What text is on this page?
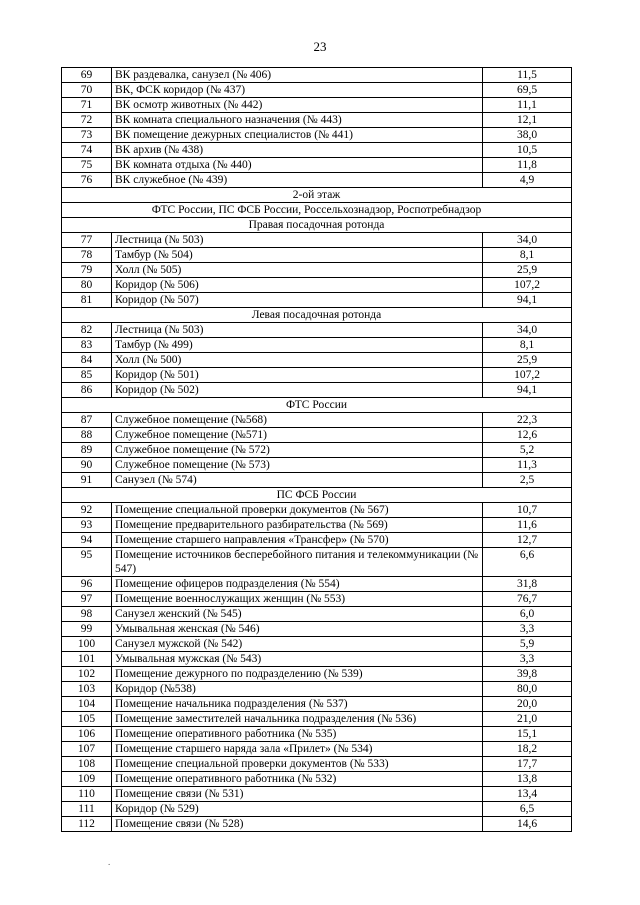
23
69	ВК раздевалка, санузел (№ 406)	11,5
70	ВК, ФСК коридор (№ 437)	69,5
71	ВК осмотр животных (№ 442)	11,1
72	ВК комната специального назначения (№ 443)	12,1
73	ВК помещение дежурных специалистов (№ 441)	38,0
74	ВК архив (№ 438)	10,5
75	ВК комната отдыха (№ 440)	11,8
76	ВК служебное (№ 439)	4,9
2-ой этаж		
ФТС России, ПС ФСБ России, Россельхознадзор, Роспотребнадзор		
Правая посадочная ротонда		
77	Лестница (№ 503)	34,0
78	Тамбур (№ 504)	8,1
79	Холл (№ 505)	25,9
80	Коридор (№ 506)	107,2
81	Коридор (№ 507)	94,1
Левая посадочная ротонда		
82	Лестница (№ 503)	34,0
83	Тамбур (№ 499)	8,1
84	Холл (№ 500)	25,9
85	Коридор (№ 501)	107,2
86	Коридор (№ 502)	94,1
ФТС России		
87	Служебное помещение (№568)	22,3
88	Служебное помещение (№571)	12,6
89	Служебное помещение (№ 572)	5,2
90	Служебное помещение (№ 573)	11,3
91	Санузел (№ 574)	2,5
ПС ФСБ России		
92	Помещение специальной проверки документов (№ 567)	10,7
93	Помещение предварительного разбирательства (№ 569)	11,6
94	Помещение старшего направления «Трансфер» (№ 570)	12,7
95	Помещение источников бесперебойного питания и телекоммуникации (№ 547)	6,6
96	Помещение офицеров подразделения (№ 554)	31,8
97	Помещение военнослужащих женщин (№ 553)	76,7
98	Санузел женский (№ 545)	6,0
99	Умывальная женская (№ 546)	3,3
100	Санузел мужской (№ 542)	5,9
101	Умывальная мужская (№ 543)	3,3
102	Помещение дежурного по подразделению (№ 539)	39,8
103	Коридор (№538)	80,0
104	Помещение начальника подразделения (№ 537)	20,0
105	Помещение заместителей начальника подразделения (№ 536)	21,0
106	Помещение оперативного работника (№ 535)	15,1
107	Помещение старшего наряда зала «Прилет» (№ 534)	18,2
108	Помещение специальной проверки документов (№ 533)	17,7
109	Помещение оперативного работника (№ 532)	13,8
110	Помещение связи (№ 531)	13,4
111	Коридор (№ 529)	6,5
112	Помещение связи (№ 528)	14,6
.
